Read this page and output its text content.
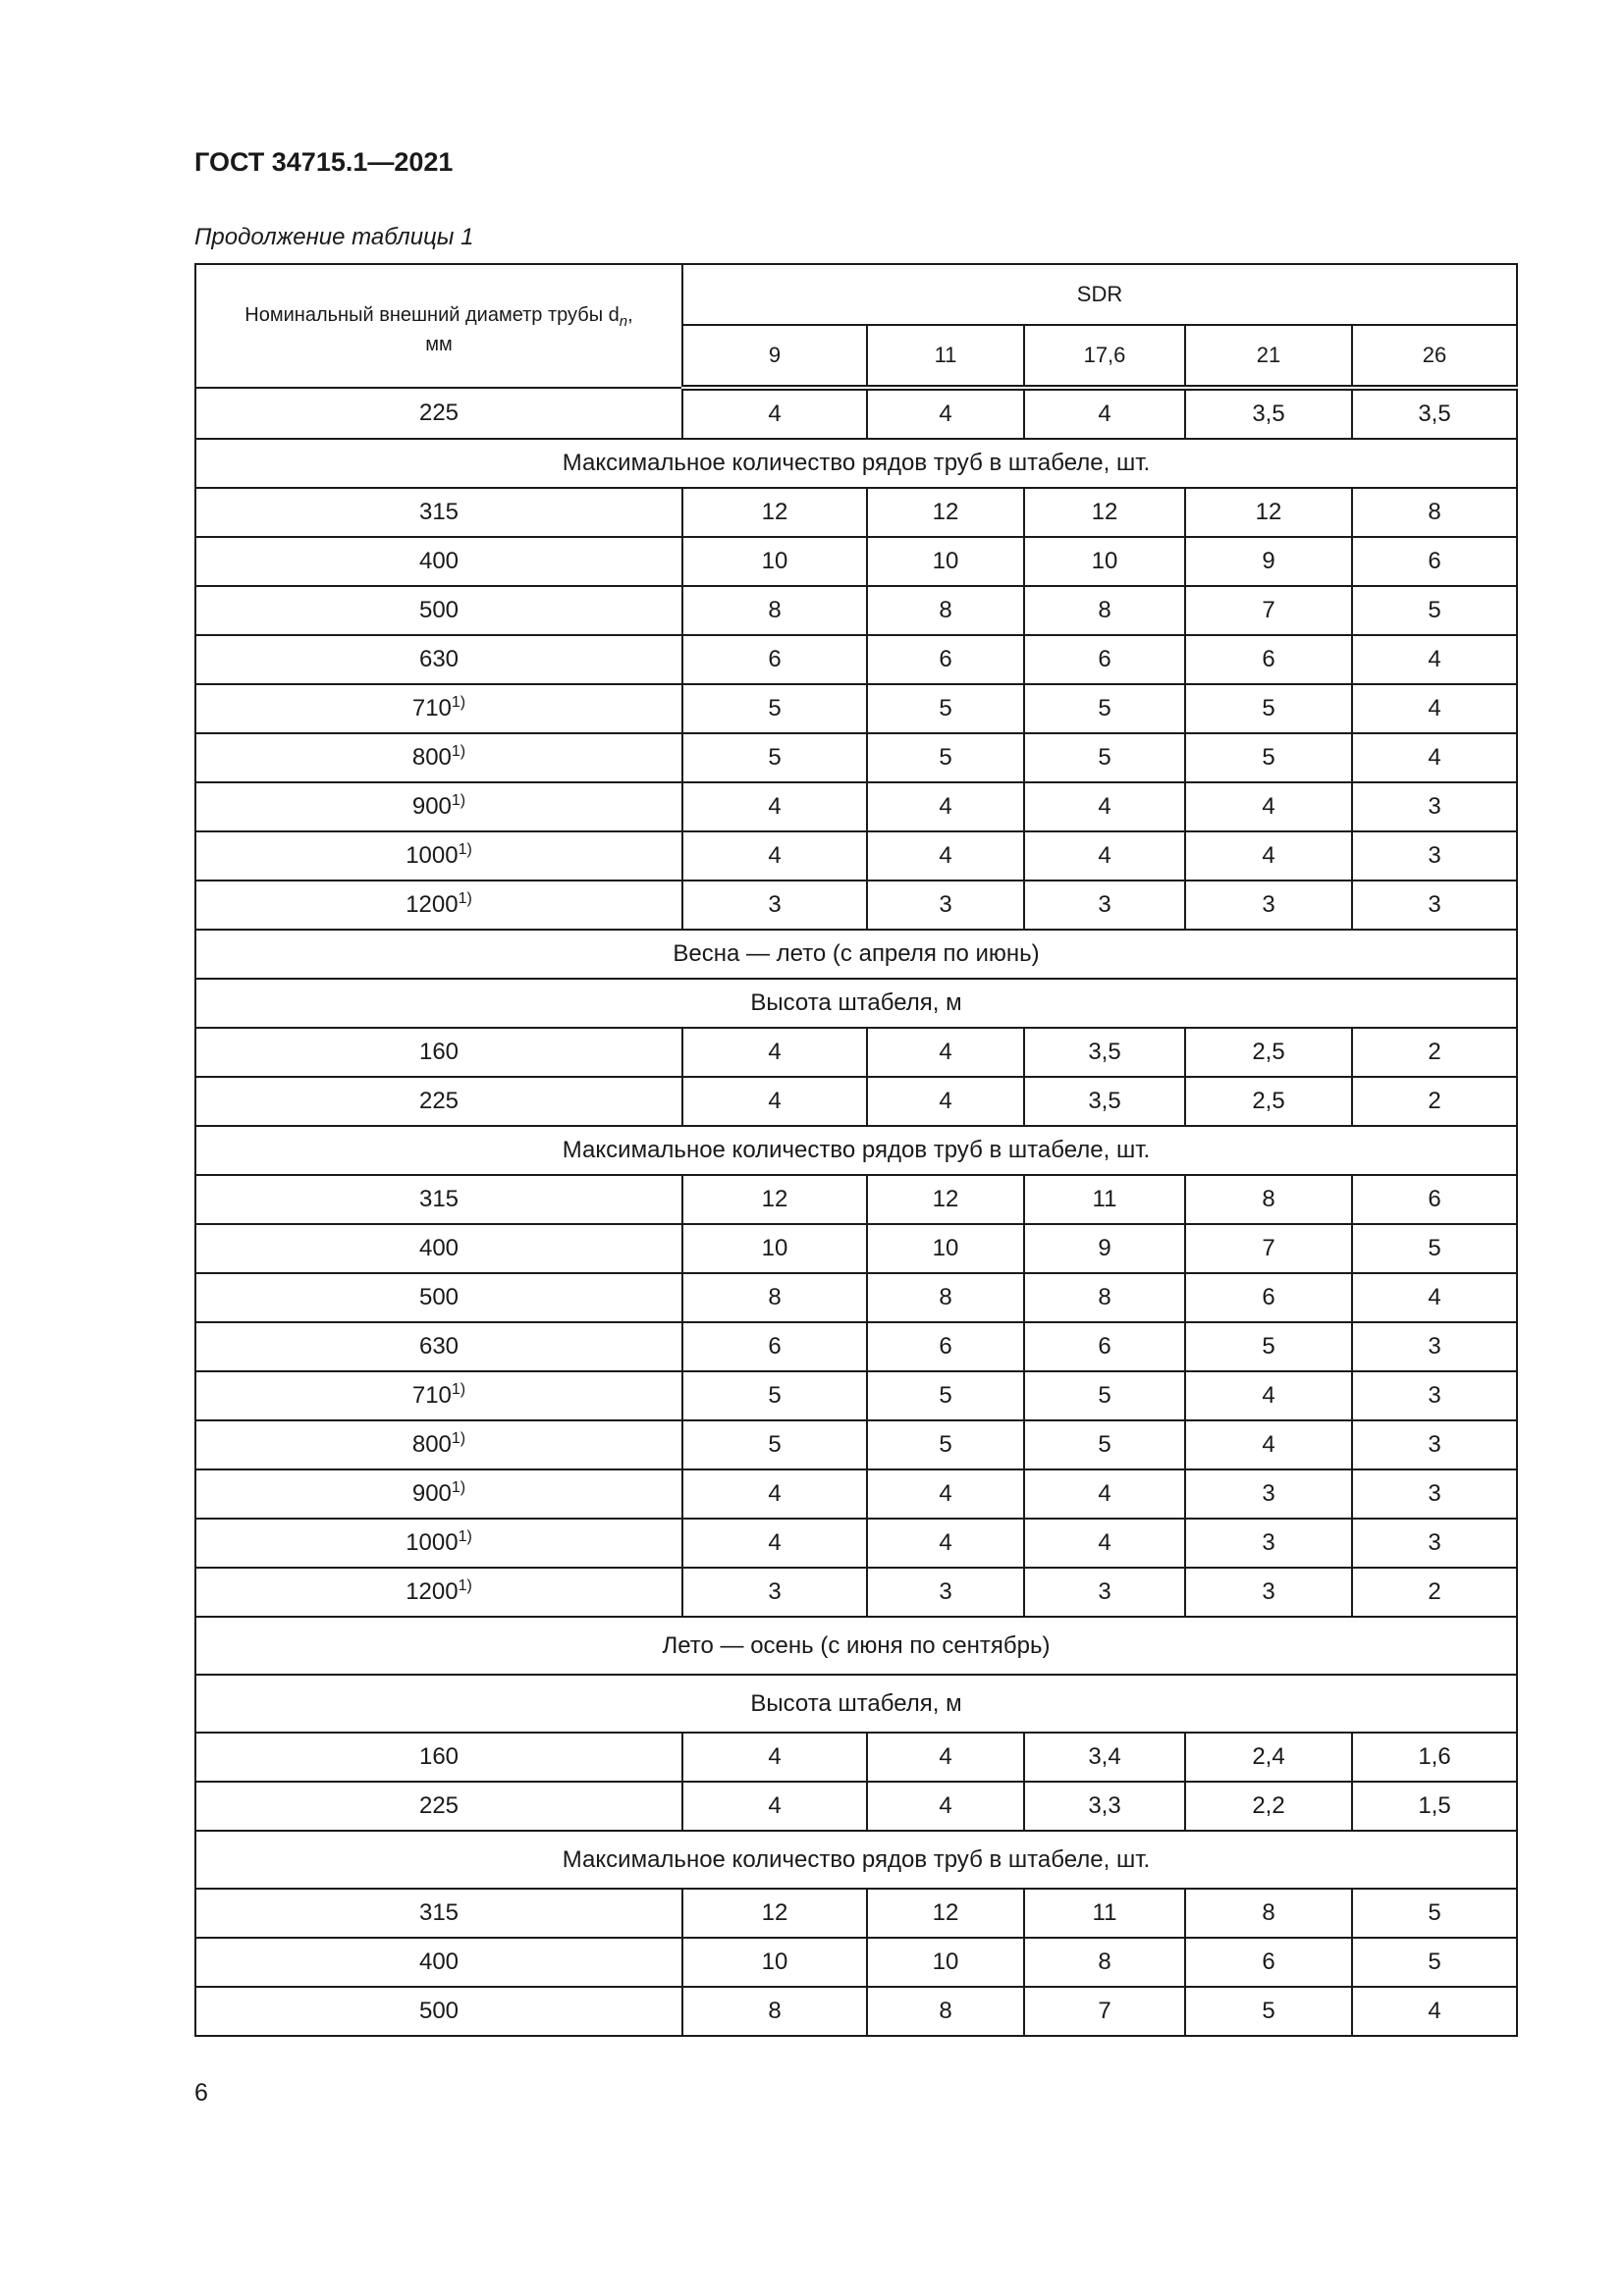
ГОСТ 34715.1—2021
Продолжение таблицы 1
Номинальный внешний диаметр трубы $d_n$,
мм	SDR				
	9	11	17,6	21	26
225	4	4	4	3,5	3,5
Максимальное количество рядов труб в штабеле, шт.					
315	12	12	12	12	8
400	10	10	10	9	6
500	8	8	8	7	5
630	6	6	6	6	4
710$^{1)}$	5	5	5	5	4
800$^{1)}$	5	5	5	5	4
900$^{1)}$	4	4	4	4	3
1000$^{1)}$	4	4	4	4	3
1200$^{1)}$	3	3	3	3	3
Весна — лето (с апреля по июнь)					
Высота штабеля, м					
160	4	4	3,5	2,5	2
225	4	4	3,5	2,5	2
Максимальное количество рядов труб в штабеле, шт.					
315	12	12	11	8	6
400	10	10	9	7	5
500	8	8	8	6	4
630	6	6	6	5	3
710$^{1)}$	5	5	5	4	3
800$^{1)}$	5	5	5	4	3
900$^{1)}$	4	4	4	3	3
1000$^{1)}$	4	4	4	3	3
1200$^{1)}$	3	3	3	3	2
Лето — осень (с июня по сентябрь)					
Высота штабеля, м					
160	4	4	3,4	2,4	1,6
225	4	4	3,3	2,2	1,5
Максимальное количество рядов труб в штабеле, шт.					
315	12	12	11	8	5
400	10	10	8	6	5
500	8	8	7	5	4
6
